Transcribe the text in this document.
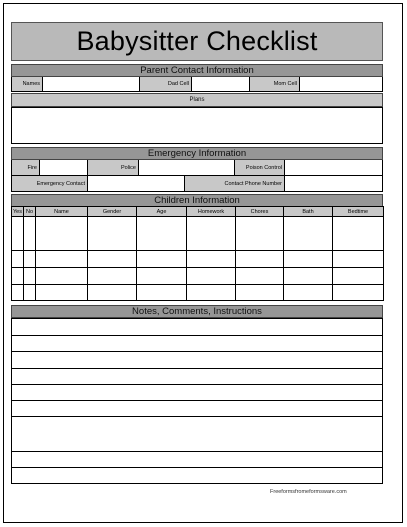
Babysitter Checklist
Parent Contact Information
Names	Dad Cell	Mom Cell
Plans
Emergency Information
Fire	Police	Poison Control
Emergency Contact	Contact Phone Number
Children Information
Yes	No	Name	Gender	Age	Homework	Chores	Bath	Bedtime

Notes, Comments, Instructions
Freeformsfromeformsware.com
